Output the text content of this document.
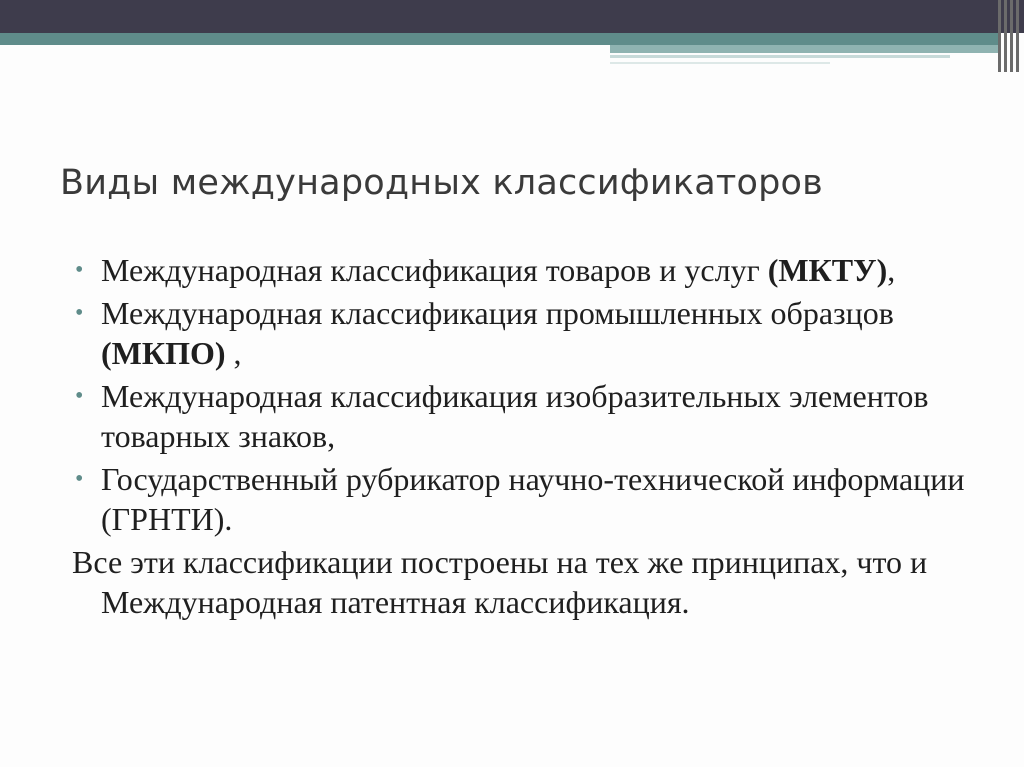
Виды международных классификаторов
• Международная классификация товаров и услуг (МКТУ),
• Международная классификация промышленных образцов (МКПО) ,
• Международная классификация изобразительных элементов товарных знаков,
• Государственный рубрикатор научно-технической информации (ГРНТИ).

Все эти классификации построены на тех же принципах, что и Международная патентная классификация.
